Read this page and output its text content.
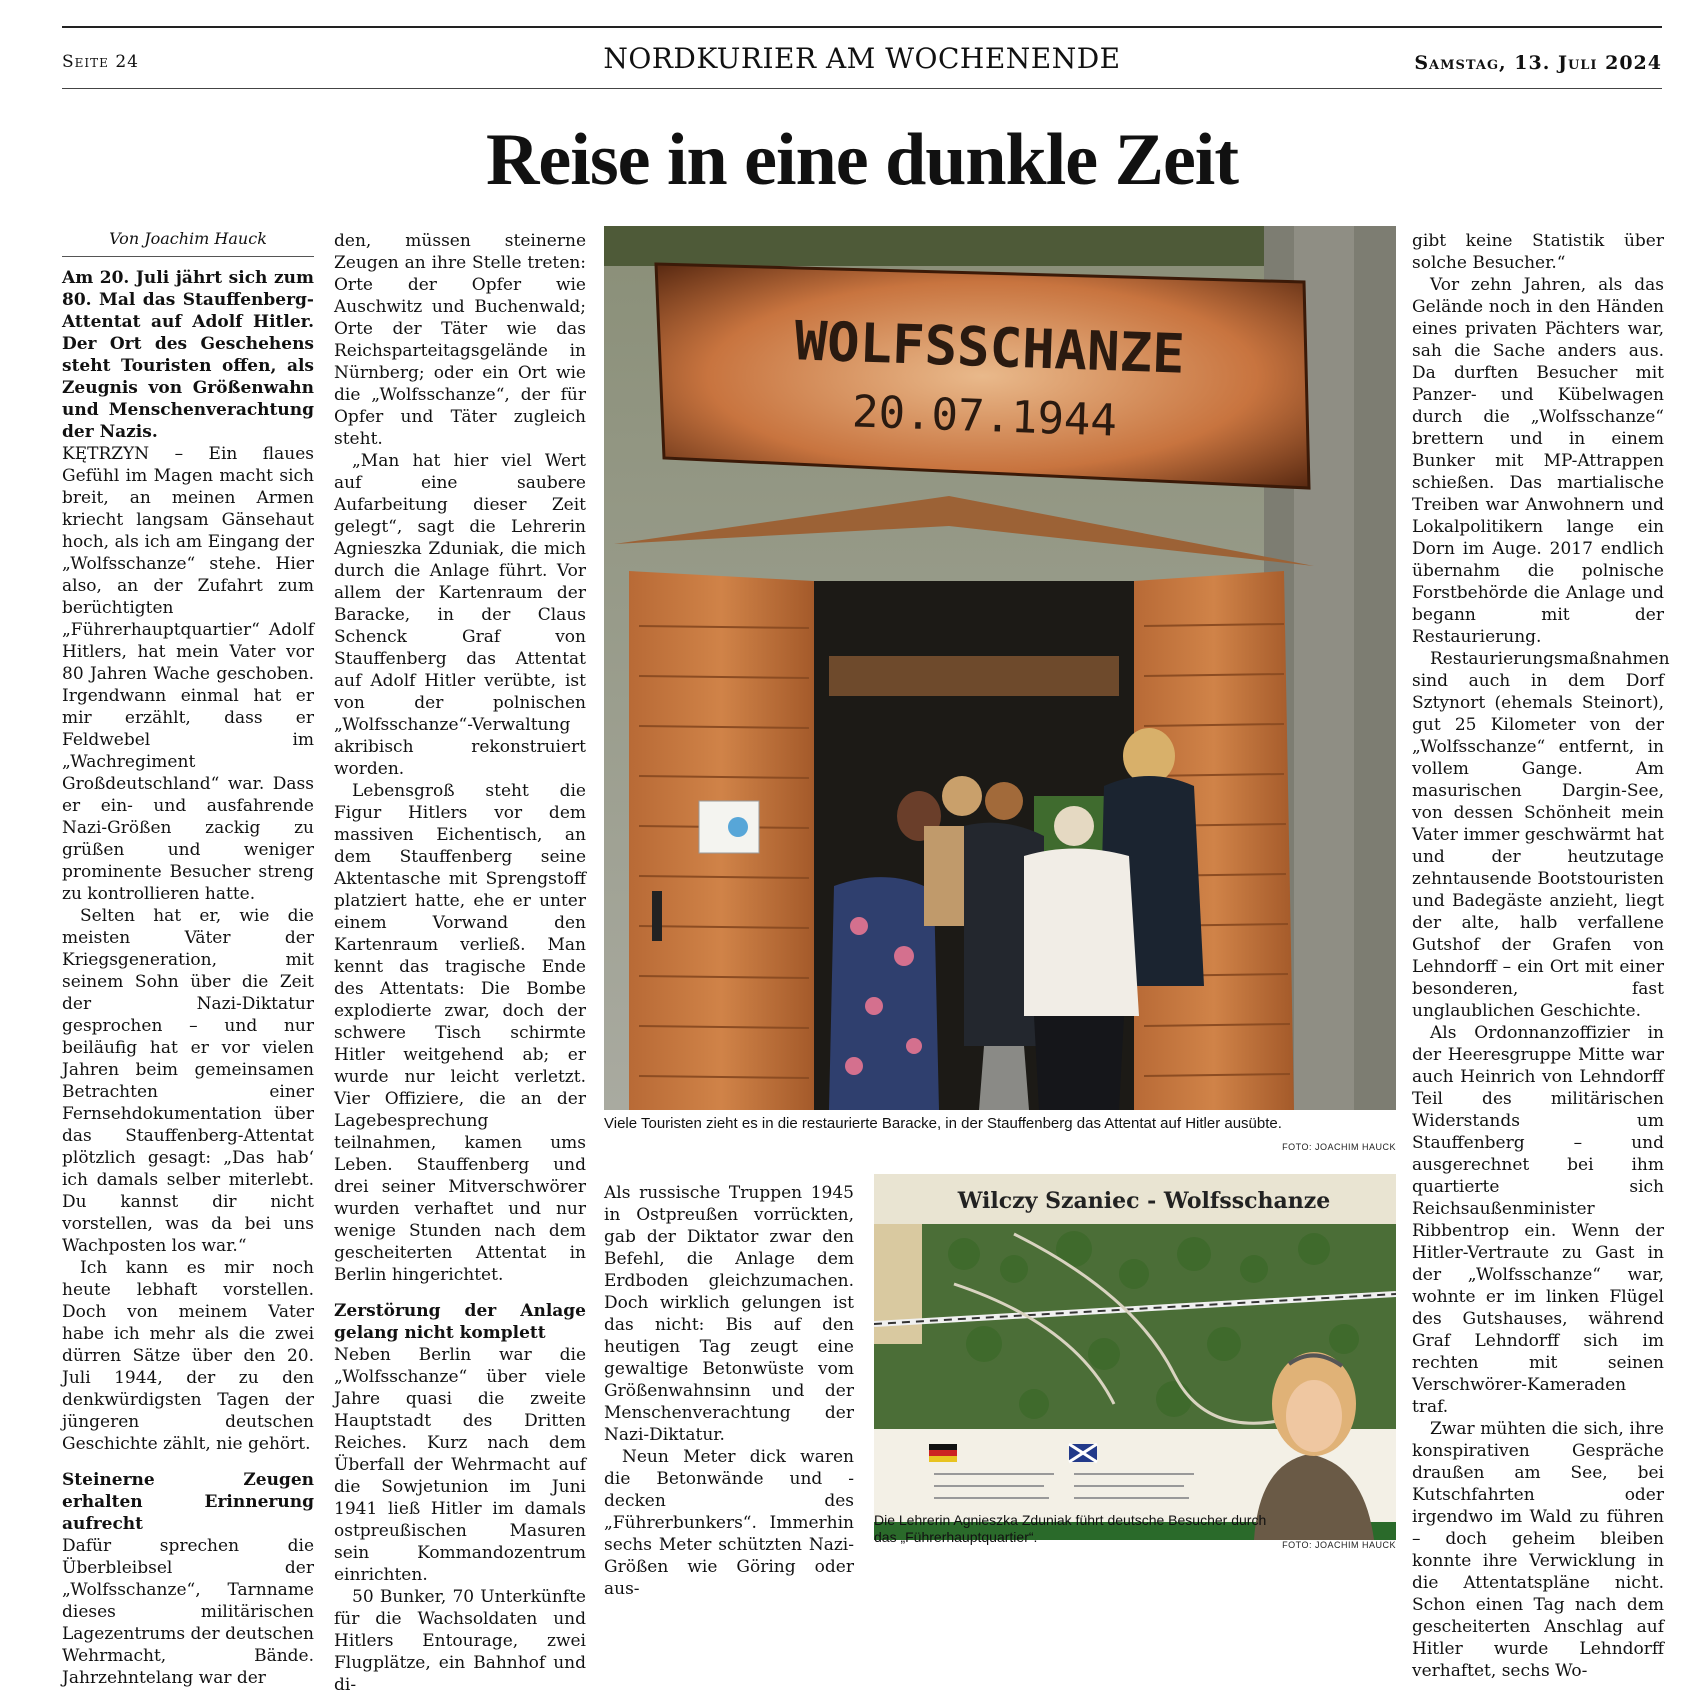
Seite 24	NORDKURIER AM WOCHENENDE	Samstag, 13. Juli 2024
Reise in eine dunkle Zeit
Von Joachim Hauck

Am 20. Juli jährt sich zum 80. Mal das Stauffenberg-Attentat auf Adolf Hitler. Der Ort des Geschehens steht Touristen offen, als Zeugnis von Größenwahn und Menschenverachtung der Nazis.

KĘTRZYN – Ein flaues Gefühl im Magen macht sich breit, an meinen Armen kriecht langsam Gänsehaut hoch, als ich am Eingang der „Wolfsschanze“ stehe. Hier also, an der Zufahrt zum berüchtigten „Führerhauptquartier“ Adolf Hitlers, hat mein Vater vor 80 Jahren Wache geschoben. Irgendwann einmal hat er mir erzählt, dass er Feldwebel im „Wachregiment Großdeutschland“ war. Dass er ein- und ausfahrende Nazi-Größen zackig zu grüßen und weniger prominente Besucher streng zu kontrollieren hatte.

Selten hat er, wie die meisten Väter der Kriegsgeneration, mit seinem Sohn über die Zeit der Nazi-Diktatur gesprochen – und nur beiläufig hat er vor vielen Jahren beim gemeinsamen Betrachten einer Fernsehdokumentation über das Stauffenberg-Attentat plötzlich gesagt: „Das hab‘ ich damals selber miterlebt. Du kannst dir nicht vorstellen, was da bei uns Wachposten los war.“

Ich kann es mir noch heute lebhaft vorstellen. Doch von meinem Vater habe ich mehr als die zwei dürren Sätze über den 20. Juli 1944, der zu den denkwürdigsten Tagen der jüngeren deutschen Geschichte zählt, nie gehört.

Steinerne Zeugen erhalten Erinnerung aufrecht

Dafür sprechen die Überbleibsel der „Wolfsschanze“, Tarnname dieses militärischen Lagezentrums der deutschen Wehrmacht, Bände. Jahrzehntelang war der

den, müssen steinerne Zeugen an ihre Stelle treten: Orte der Opfer wie Auschwitz und Buchenwald; Orte der Täter wie das Reichsparteitagsgelände in Nürnberg; oder ein Ort wie die „Wolfsschanze“, der für Opfer und Täter zugleich steht.

„Man hat hier viel Wert auf eine saubere Aufarbeitung dieser Zeit gelegt“, sagt die Lehrerin Agnieszka Zduniak, die mich durch die Anlage führt. Vor allem der Kartenraum der Baracke, in der Claus Schenck Graf von Stauffenberg das Attentat auf Adolf Hitler verübte, ist von der polnischen „Wolfsschanze“-Verwaltung akribisch rekonstruiert worden.

Lebensgroß steht die Figur Hitlers vor dem massiven Eichentisch, an dem Stauffenberg seine Aktentasche mit Sprengstoff platziert hatte, ehe er unter einem Vorwand den Kartenraum verließ. Man kennt das tragische Ende des Attentats: Die Bombe explodierte zwar, doch der schwere Tisch schirmte Hitler weitgehend ab; er wurde nur leicht verletzt. Vier Offiziere, die an der Lagebesprechung teilnahmen, kamen ums Leben. Stauffenberg und drei seiner Mitverschwörer wurden verhaftet und nur wenige Stunden nach dem gescheiterten Attentat in Berlin hingerichtet.

Zerstörung der Anlage gelang nicht komplett

Neben Berlin war die „Wolfsschanze“ über viele Jahre quasi die zweite Hauptstadt des Dritten Reiches. Kurz nach dem Überfall der Wehrmacht auf die Sowjetunion im Juni 1941 ließ Hitler im damals ostpreußischen Masuren sein Kommandozentrum einrichten.

50 Bunker, 70 Unterkünfte für die Wachsoldaten und Hitlers Entourage, zwei Flugplätze, ein Bahnhof und di-

WOLFSSCHANZE
20.07.1944
Viele Touristen zieht es in die restaurierte Baracke, in der Stauffenberg das Attentat auf Hitler ausübte.
FOTO: JOACHIM HAUCK

Als russische Truppen 1945 in Ostpreußen vorrückten, gab der Diktator zwar den Befehl, die Anlage dem Erdboden gleichzumachen. Doch wirklich gelungen ist das nicht: Bis auf den heutigen Tag zeugt eine gewaltige Betonwüste vom Größenwahnsinn und der Menschenverachtung der Nazi-Diktatur.

Neun Meter dick waren die Betonwände und -decken des „Führerbunkers“. Immerhin sechs Meter schützten Nazi-Größen wie Göring oder aus-

Wilczy Szaniec - Wolfsschanze
Die Lehrerin Agnieszka Zduniak führt deutsche Besucher durch das „Führerhauptquartier“.	FOTO: JOACHIM HAUCK

gibt keine Statistik über solche Besucher.“

Vor zehn Jahren, als das Gelände noch in den Händen eines privaten Pächters war, sah die Sache anders aus. Da durften Besucher mit Panzer- und Kübelwagen durch die „Wolfsschanze“ brettern und in einem Bunker mit MP-Attrappen schießen. Das martialische Treiben war Anwohnern und Lokalpolitikern lange ein Dorn im Auge. 2017 endlich übernahm die polnische Forstbehörde die Anlage und begann mit der Restaurierung.

Restaurierungsmaßnahmen sind auch in dem Dorf Sztynort (ehemals Steinort), gut 25 Kilometer von der „Wolfsschanze“ entfernt, in vollem Gange. Am masurischen Dargin-See, von dessen Schönheit mein Vater immer geschwärmt hat und der heutzutage zehntausende Bootstouristen und Badegäste anzieht, liegt der alte, halb verfallene Gutshof der Grafen von Lehndorff – ein Ort mit einer besonderen, fast unglaublichen Geschichte.

Als Ordonnanzoffizier in der Heeresgruppe Mitte war auch Heinrich von Lehndorff Teil des militärischen Widerstands um Stauffenberg – und ausgerechnet bei ihm quartierte sich Reichsaußenminister Ribbentrop ein. Wenn der Hitler-Vertraute zu Gast in der „Wolfsschanze“ war, wohnte er im linken Flügel des Gutshauses, während Graf Lehndorff sich im rechten mit seinen Verschwörer-Kameraden traf.

Zwar mühten die sich, ihre konspirativen Gespräche draußen am See, bei Kutschfahrten oder irgendwo im Wald zu führen – doch geheim bleiben konnte ihre Verwicklung in die Attentatspläne nicht. Schon einen Tag nach dem gescheiterten Anschlag auf Hitler wurde Lehndorff verhaftet, sechs Wo-
